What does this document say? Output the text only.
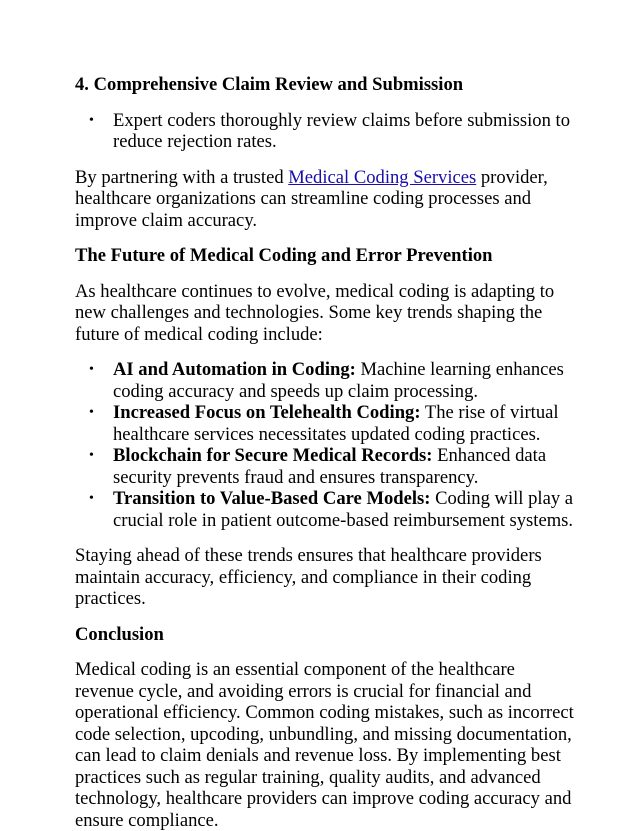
4. Comprehensive Claim Review and Submission
• Expert coders thoroughly review claims before submission to reduce rejection rates.

By partnering with a trusted Medical Coding Services provider, healthcare organizations can streamline coding processes and improve claim accuracy.

The Future of Medical Coding and Error Prevention

As healthcare continues to evolve, medical coding is adapting to new challenges and technologies. Some key trends shaping the future of medical coding include:

• AI and Automation in Coding: Machine learning enhances coding accuracy and speeds up claim processing.
• Increased Focus on Telehealth Coding: The rise of virtual healthcare services necessitates updated coding practices.
• Blockchain for Secure Medical Records: Enhanced data security prevents fraud and ensures transparency.
• Transition to Value-Based Care Models: Coding will play a crucial role in patient outcome-based reimbursement systems.

Staying ahead of these trends ensures that healthcare providers maintain accuracy, efficiency, and compliance in their coding practices.

Conclusion

Medical coding is an essential component of the healthcare revenue cycle, and avoiding errors is crucial for financial and operational efficiency. Common coding mistakes, such as incorrect code selection, upcoding, unbundling, and missing documentation, can lead to claim denials and revenue loss. By implementing best practices such as regular training, quality audits, and advanced technology, healthcare providers can improve coding accuracy and ensure compliance.
